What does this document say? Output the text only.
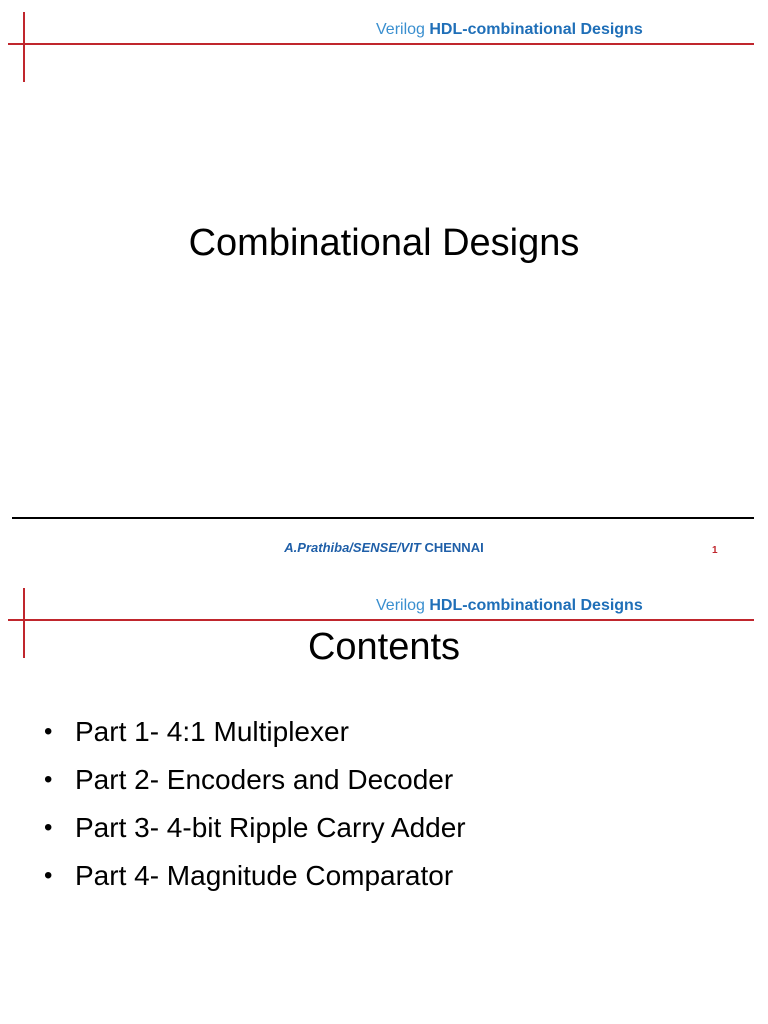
Verilog HDL-combinational Designs
Combinational Designs
A.Prathiba/SENSE/VIT CHENNAI	1
Verilog HDL-combinational Designs
Contents
• Part 1- 4:1 Multiplexer
• Part 2- Encoders and Decoder
• Part 3- 4-bit Ripple Carry Adder
• Part 4- Magnitude Comparator
